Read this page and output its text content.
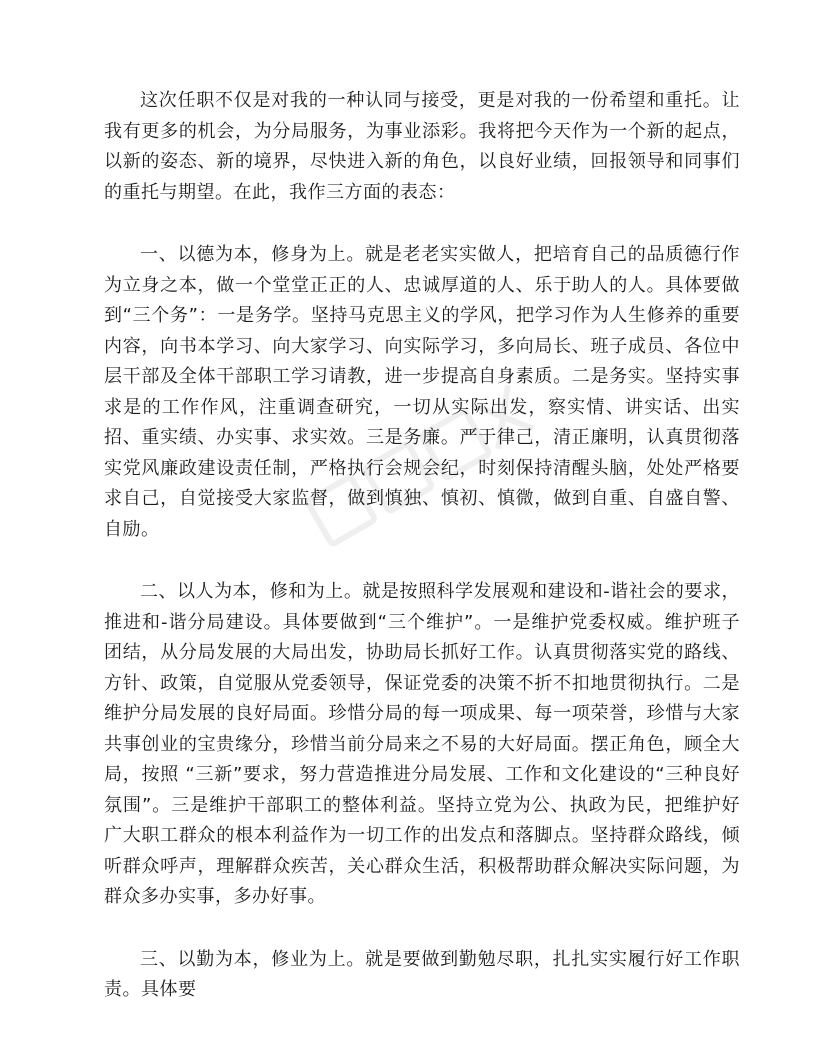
这次任职不仅是对我的一种认同与接受，更是对我的一份希望和重托。让我有更多的机会，为分局服务，为事业添彩。我将把今天作为一个新的起点，以新的姿态、新的境界，尽快进入新的角色，以良好业绩，回报领导和同事们的重托与期望。在此，我作三方面的表态：

一、以德为本，修身为上。就是老老实实做人，把培育自己的品质德行作为立身之本，做一个堂堂正正的人、忠诚厚道的人、乐于助人的人。具体要做到“三个务”：一是务学。坚持马克思主义的学风，把学习作为人生修养的重要内容，向书本学习、向大家学习、向实际学习，多向局长、班子成员、各位中层干部及全体干部职工学习请教，进一步提高自身素质。二是务实。坚持实事求是的工作作风，注重调查研究，一切从实际出发，察实情、讲实话、出实招、重实绩、办实事、求实效。三是务廉。严于律己，清正廉明，认真贯彻落实党风廉政建设责任制，严格执行会规会纪，时刻保持清醒头脑，处处严格要求自己，自觉接受大家监督，做到慎独、慎初、慎微，做到自重、自盛自警、自励。

二、以人为本，修和为上。就是按照科学发展观和建设和-谐社会的要求，推进和-谐分局建设。具体要做到“三个维护”。一是维护党委权威。维护班子团结，从分局发展的大局出发，协助局长抓好工作。认真贯彻落实党的路线、方针、政策，自觉服从党委领导，保证党委的决策不折不扣地贯彻执行。二是维护分局发展的良好局面。珍惜分局的每一项成果、每一项荣誉，珍惜与大家共事创业的宝贵缘分，珍惜当前分局来之不易的大好局面。摆正角色，顾全大局，按照 “三新”要求，努力营造推进分局发展、工作和文化建设的“三种良好氛围”。三是维护干部职工的整体利益。坚持立党为公、执政为民，把维护好广大职工群众的根本利益作为一切工作的出发点和落脚点。坚持群众路线，倾听群众呼声，理解群众疾苦，关心群众生活，积极帮助群众解决实际问题，为群众多办实事，多办好事。

三、以勤为本，修业为上。就是要做到勤勉尽职，扎扎实实履行好工作职责。具体要
